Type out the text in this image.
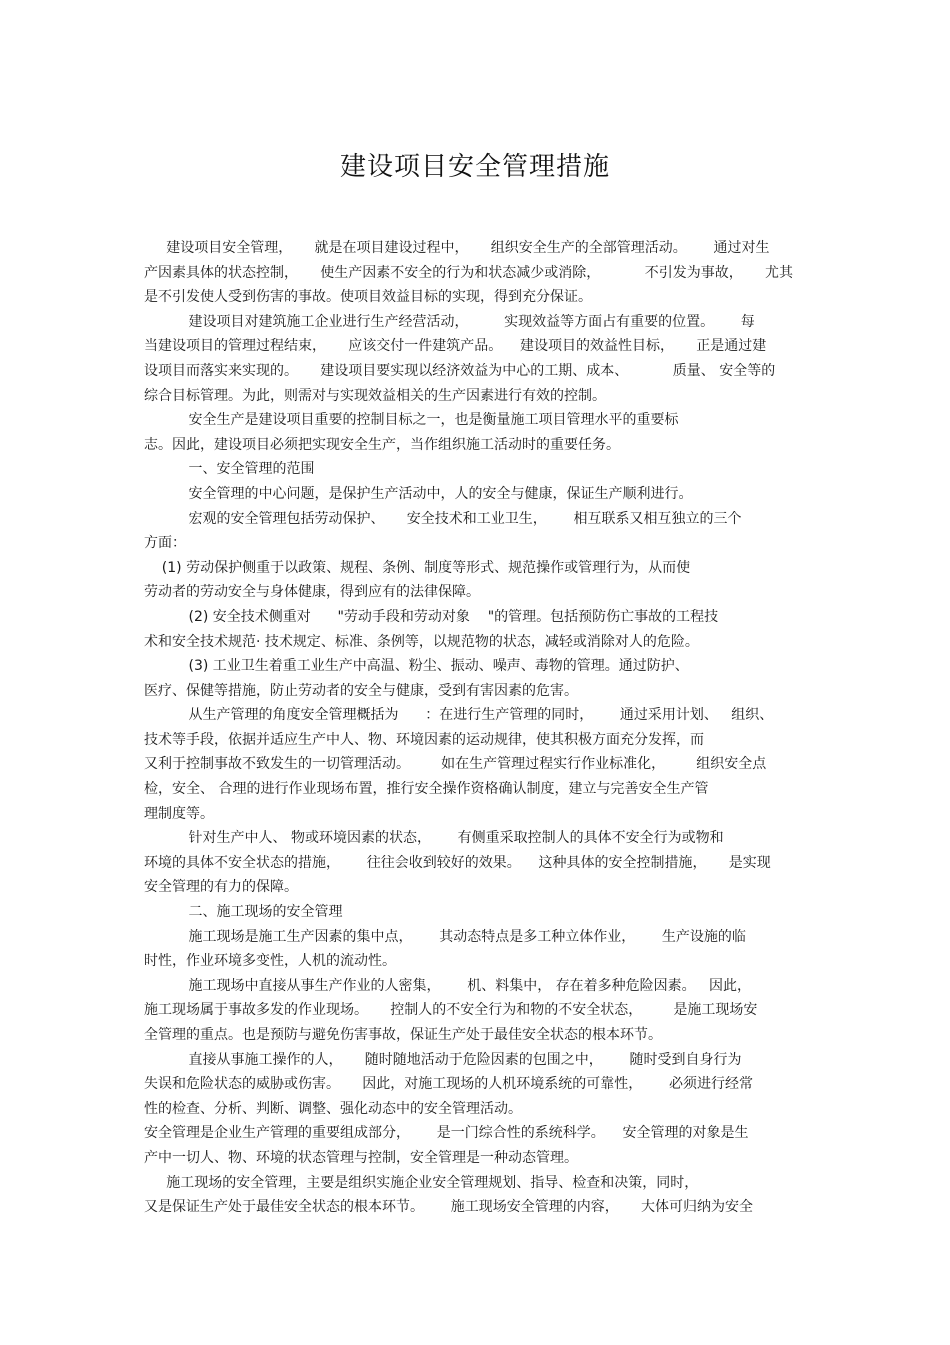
建设项目安全管理措施
建设项目安全管理，     就是在项目建设过程中，     组织安全生产的全部管理活动。      通过对生
产因素具体的状态控制，     使生产因素不安全的行为和状态减少或消除，          不引发为事故，     尤其
是不引发使人受到伤害的事故。使项目效益目标的实现，得到充分保证。
建设项目对建筑施工企业进行生产经营活动，        实现效益等方面占有重要的位置。      每
当建设项目的管理过程结束，     应该交付一件建筑产品。    建设项目的效益性目标，     正是通过建
设项目而落实来实现的。     建设项目要实现以经济效益为中心的工期、成本、          质量、 安全等的
综合目标管理。为此，则需对与实现效益相关的生产因素进行有效的控制。
安全生产是建设项目重要的控制目标之一，也是衡量施工项目管理水平的重要标
志。因此，建设项目必须把实现安全生产，当作组织施工活动时的重要任务。
一、安全管理的范围
安全管理的中心问题，是保护生产活动中，人的安全与健康，保证生产顺利进行。
宏观的安全管理包括劳动保护、     安全技术和工业卫生，      相互联系又相互独立的三个
方面：
(1) 劳动保护侧重于以政策、规程、条例、制度等形式、规范操作或管理行为，从而使
劳动者的劳动安全与身体健康，得到应有的法律保障。
(2) 安全技术侧重对      "劳动手段和劳动对象    "的管理。包括预防伤亡事故的工程技
术和安全技术规范· 技术规定、标准、条例等，以规范物的状态，减轻或消除对人的危险。
(3) 工业卫生着重工业生产中高温、粉尘、振动、噪声、毒物的管理。通过防护、
医疗、保健等措施，防止劳动者的安全与健康，受到有害因素的危害。
从生产管理的角度安全管理概括为      ：在进行生产管理的同时，      通过采用计划、   组织、
技术等手段，依据并适应生产中人、物、环境因素的运动规律，使其积极方面充分发挥，而
又利于控制事故不致发生的一切管理活动。       如在生产管理过程实行作业标准化，       组织安全点
检，安全、 合理的进行作业现场布置，推行安全操作资格确认制度，建立与完善安全生产管
理制度等。
针对生产中人、 物或环境因素的状态，      有侧重采取控制人的具体不安全行为或物和
环境的具体不安全状态的措施，      往往会收到较好的效果。    这种具体的安全控制措施，     是实现
安全管理的有力的保障。
二、施工现场的安全管理
施工现场是施工生产因素的集中点，      其动态特点是多工种立体作业，      生产设施的临
时性，作业环境多变性，人机的流动性。
施工现场中直接从事生产作业的人密集，      机、料集中， 存在着多种危险因素。   因此，
施工现场属于事故多发的作业现场。     控制人的不安全行为和物的不安全状态，       是施工现场安
全管理的重点。也是预防与避免伤害事故，保证生产处于最佳安全状态的根本环节。
直接从事施工操作的人，     随时随地活动于危险因素的包围之中，      随时受到自身行为
失误和危险状态的威胁或伤害。     因此，对施工现场的人机环境系统的可靠性，      必须进行经常
性的检查、分析、判断、调整、强化动态中的安全管理活动。
安全管理是企业生产管理的重要组成部分，      是一门综合性的系统科学。    安全管理的对象是生
产中一切人、物、环境的状态管理与控制，安全管理是一种动态管理。
施工现场的安全管理，主要是组织实施企业安全管理规划、指导、检查和决策，同时，
又是保证生产处于最佳安全状态的根本环节。      施工现场安全管理的内容，     大体可归纳为安全
